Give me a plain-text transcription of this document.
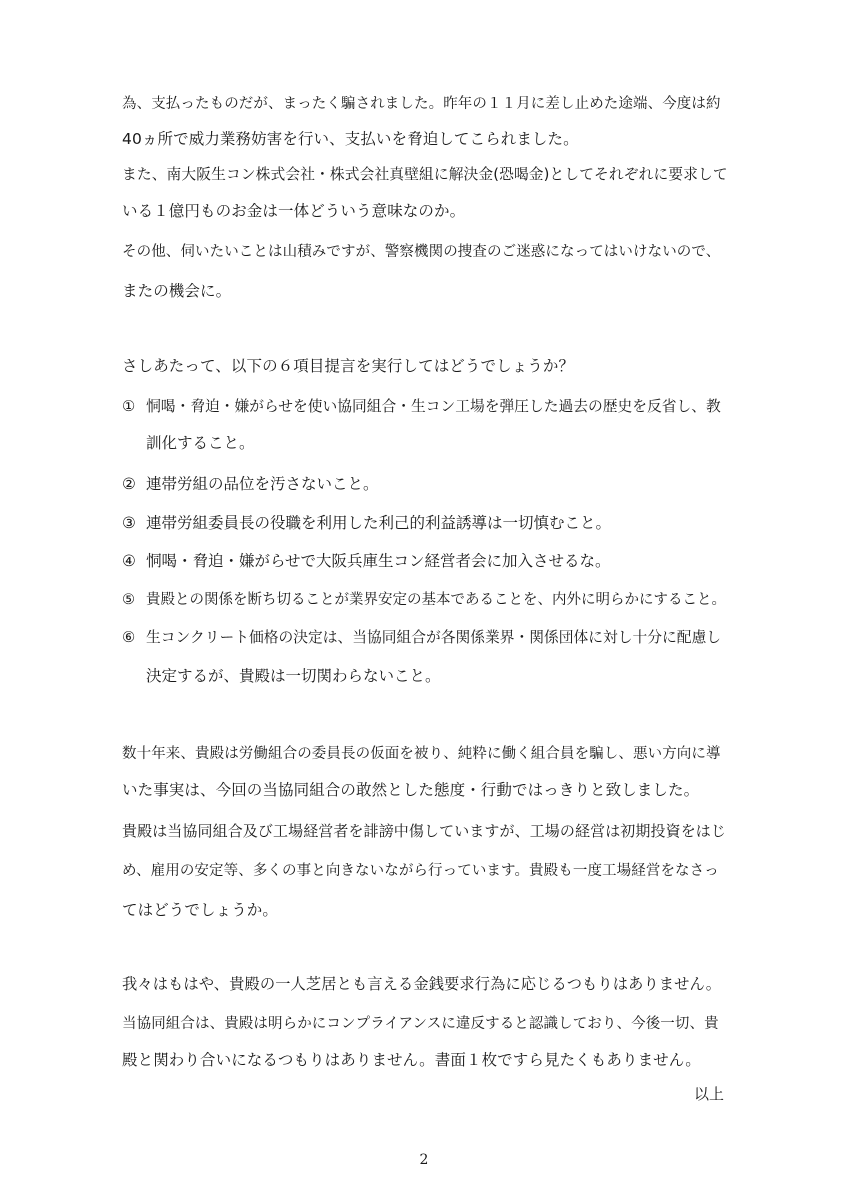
為、支払ったものだが、まったく騙されました。昨年の１１月に差し止めた途端、今度は約
40ヵ所で威力業務妨害を行い、支払いを脅迫してこられました。
また、南大阪生コン株式会社・株式会社真壁組に解決金(恐喝金)としてそれぞれに要求して
いる１億円ものお金は一体どういう意味なのか。
その他、伺いたいことは山積みですが、警察機関の捜査のご迷惑になってはいけないので、
またの機会に。
さしあたって、以下の６項目提言を実行してはどうでしょうか？
① 恫喝・脅迫・嫌がらせを使い協同組合・生コン工場を弾圧した過去の歴史を反省し、教
訓化すること。
② 連帯労組の品位を汚さないこと。
③ 連帯労組委員長の役職を利用した利己的利益誘導は一切慎むこと。
④ 恫喝・脅迫・嫌がらせで大阪兵庫生コン経営者会に加入させるな。
⑤ 貴殿との関係を断ち切ることが業界安定の基本であることを、内外に明らかにすること。
⑥ 生コンクリート価格の決定は、当協同組合が各関係業界・関係団体に対し十分に配慮し
決定するが、貴殿は一切関わらないこと。
数十年来、貴殿は労働組合の委員長の仮面を被り、純粋に働く組合員を騙し、悪い方向に導
いた事実は、今回の当協同組合の敢然とした態度・行動ではっきりと致しました。
貴殿は当協同組合及び工場経営者を誹謗中傷していますが、工場の経営は初期投資をはじ
め、雇用の安定等、多くの事と向きないながら行っています。貴殿も一度工場経営をなさっ
てはどうでしょうか。
我々はもはや、貴殿の一人芝居とも言える金銭要求行為に応じるつもりはありません。
当協同組合は、貴殿は明らかにコンプライアンスに違反すると認識しており、今後一切、貴
殿と関わり合いになるつもりはありません。書面１枚ですら見たくもありません。
以上
2
